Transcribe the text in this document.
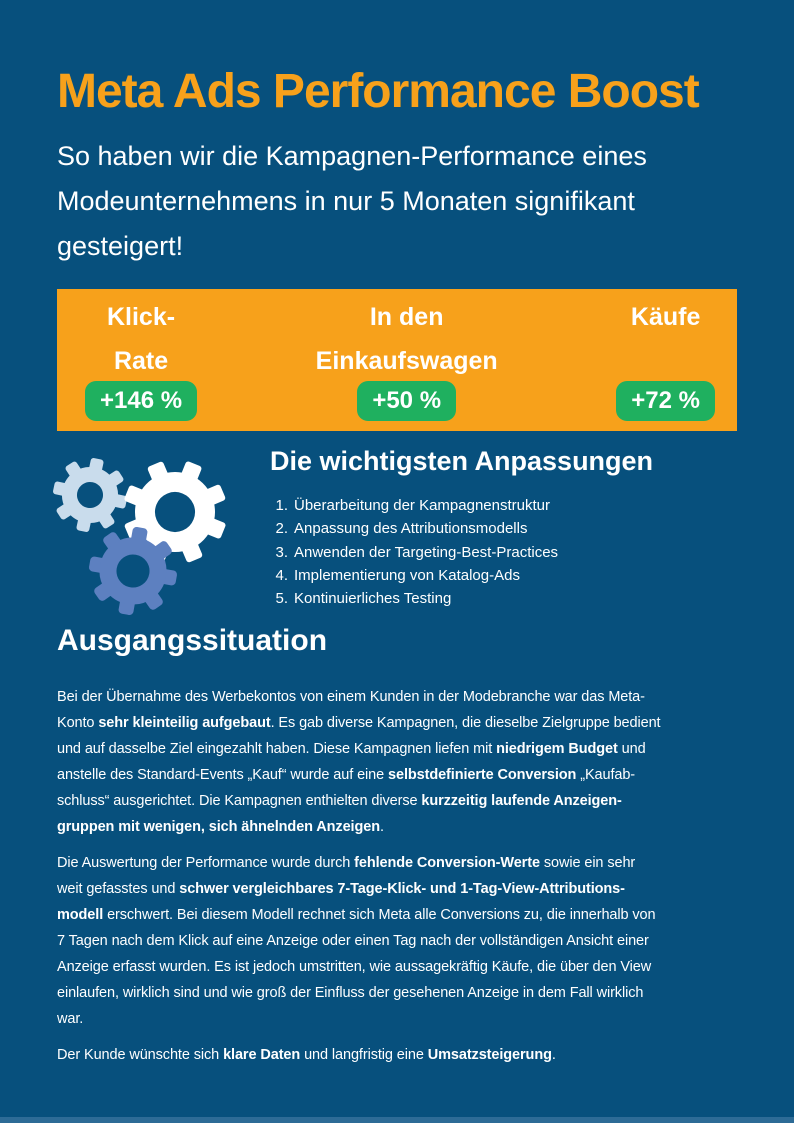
Meta Ads Performance Boost

So haben wir die Kampagnen-Performance eines Modeunternehmens in nur 5 Monaten signifikant gesteigert!

Klick-
Rate
+146 %
In den
Einkaufswagen
+50 %
Käufe
+72 %
Die wichtigsten Anpassungen
1. Überarbeitung der Kampagnenstruktur
2. Anpassung des Attributionsmodells
3. Anwenden der Targeting-Best-Practices
4. Implementierung von Katalog-Ads
5. Kontinuierliches Testing
Ausgangssituation
Bei der Übernahme des Werbekontos von einem Kunden in der Modebranche war das Meta-
Konto sehr kleinteilig aufgebaut. Es gab diverse Kampagnen, die dieselbe Zielgruppe bedient
und auf dasselbe Ziel eingezahlt haben. Diese Kampagnen liefen mit niedrigem Budget und
anstelle des Standard-Events „Kauf“ wurde auf eine selbstdefinierte Conversion „Kaufab-
schluss“ ausgerichtet. Die Kampagnen enthielten diverse kurzzeitig laufende Anzeigen-
gruppen mit wenigen, sich ähnelnden Anzeigen.
Die Auswertung der Performance wurde durch fehlende Conversion-Werte sowie ein sehr
weit gefasstes und schwer vergleichbares 7-Tage-Klick- und 1-Tag-View-Attributions-
modell erschwert. Bei diesem Modell rechnet sich Meta alle Conversions zu, die innerhalb von
7 Tagen nach dem Klick auf eine Anzeige oder einen Tag nach der vollständigen Ansicht einer
Anzeige erfasst wurden. Es ist jedoch umstritten, wie aussagekräftig Käufe, die über den View
einlaufen, wirklich sind und wie groß der Einfluss der gesehenen Anzeige in dem Fall wirklich
war.
Der Kunde wünschte sich klare Daten und langfristig eine Umsatzsteigerung.
